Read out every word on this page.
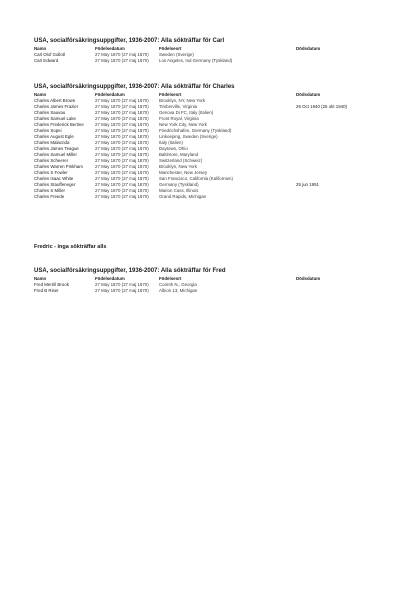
USA, socialförsäkringsuppgifter, 1936-2007: Alla sökträffar för Carl
Namn	Födelsedatum	Födelseort	Dödsdatum
Carl Olof Gullotl	27 May 1870 (27 maj 1870)	Sweden (Sverige)
Carl Edward	27 May 1870 (27 maj 1870)	Los Angeles, Ind Germany (Tyskland)
USA, socialförsäkringsuppgifter, 1936-2007: Alla sökträffar för Charles
Namn	Födelsedatum	Födelseort	Dödsdatum
Charles Albert Brown	27 May 1870 (27 maj 1870)	Brooklyn, NY, New York
Charles James Frazier	27 May 1870 (27 maj 1870)	Timberville, Virginia	25 Oct 1940 (25 okt 1940)
Charles Sauvau	27 May 1870 (27 maj 1870)	Genova Di FC, Italy (Italien)
Charles Samuel Lake	27 May 1870 (27 maj 1870)	Front Royal, Virginia
Charles Frederick Bertine	27 May 1870 (27 maj 1870)	New York City, New York
Charles Sopei	27 May 1870 (27 maj 1870)	Friedrichshafen, Germany (Tyskland)
Charles August Egle	27 May 1870 (27 maj 1870)	Linkoeping, Sweden (Sverige)
Charles Malacrida	27 May 1870 (27 maj 1870)	Italy (Italien)
Charles James Teague	27 May 1870 (27 maj 1870)	Daytown, Ohio
Charles Samuel Miller	27 May 1870 (27 maj 1870)	Baltimore, Maryland
Charles Scheerer	27 May 1870 (27 maj 1870)	Switzerland (Schweiz)
Charles Warren Pinkham	27 May 1870 (27 maj 1870)	Brooklyn, New York
Charles S Fowler	27 May 1870 (27 maj 1870)	Manchester, New Jersey
Charles Isaac White	27 May 1870 (27 maj 1870)	San Francisco, California (Kalifornien)
Charles Stauffeneger	27 May 1870 (27 maj 1870)	Germany (Tyskland)	25 jun 1951
Charles S Miller	27 May 1870 (27 maj 1870)	Marion Cass, Illinois
Charles Freede	27 May 1870 (27 maj 1870)	Grand Rapids, Michigan
Fredric - inga sökträffar alls
USA, socialförsäkringsuppgifter, 1936-2007: Alla sökträffar för Fred
Namn	Födelsedatum	Födelseort	Dödsdatum
Fred Merrill Brook	27 May 1870 (27 maj 1870)	Corinth N., Georgia
Fred B Riser	27 May 1870 (27 maj 1870)	Albion 13, Michigan
